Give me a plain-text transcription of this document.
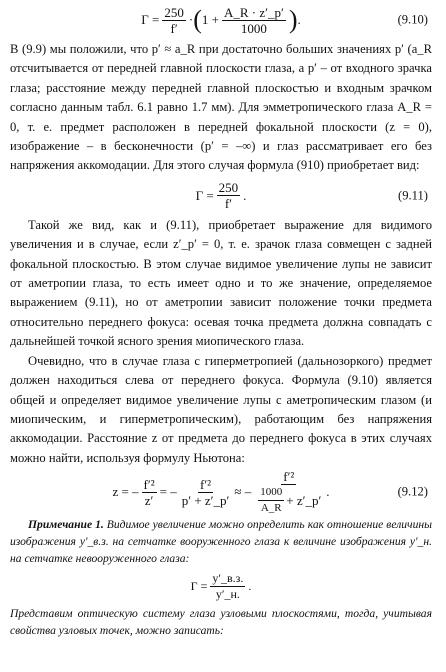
$\Gamma = \frac{250}{f'}$ · ( $1 + \frac{A\_R \cdot z'\_p'}{1000}$ ) .	(9.10)

В (9.9) мы положили, что p′ ≈ a_R при достаточно больших значениях p′ (a_R отсчитывается от передней главной плоскости глаза, а p′ – от входного зрачка глаза; расстояние между передней главной плоскостью и входным зрачком согласно данным табл. 6.1 равно 1.7 мм). Для эмметропического глаза A_R = 0, т. е. предмет расположен в передней фокальной плоскости (z = 0), изображение – в бесконечности (p′ = –∞) и глаз рассматривает его без напряжения аккомодации. Для этого случая формула (910) приобретает вид:

$\Gamma = \frac{250}{f'}$ .	(9.11)

Такой же вид, как и (9.11), приобретает выражение для видимого увеличения и в случае, если z′_p′ = 0, т. е. зрачок глаза совмещен с задней фокальной плоскостью. В этом случае видимое увеличение лупы не зависит от аметропии глаза, то есть имеет одно и то же значение, определяемое выражением (9.11), но от аметропии зависит положение точки предмета относительно переднего фокуса: осевая точка предмета должна совпадать с дальнейшей точкой ясного зрения миопического глаза.

Очевидно, что в случае глаза с гиперметропией (дальнозоркого) предмет должен находиться слева от переднего фокуса. Формула (9.10) является общей и определяет видимое увеличение лупы с аметропическим глазом (и миопическим, и гиперметропическим), работающим без напряжения аккомодации. Расстояние z от предмета до переднего фокуса в этих случаях можно найти, используя формулу Ньютона:

z = – $\frac{\text{f′²}}{z'}$ = – $\frac{\text{f′²}}{p' + z'\_p'}$ ≈ – $\frac{\text{f′²}}{\frac{1000}{A\_R} + z'\_p'}$ .	(9.12)

Примечание 1. Видимое увеличение можно определить как отношение величины изображения y′_в.з. на сетчатке вооруженного глаза к величине изображения y′_н. на сетчатке невооруженного глаза:

$\Gamma = \frac{y'\_в.з.}{y'\_н.}$ .

Представим оптическую систему глаза узловыми плоскостями, тогда, учитывая свойства узловых точек, можно записать:
